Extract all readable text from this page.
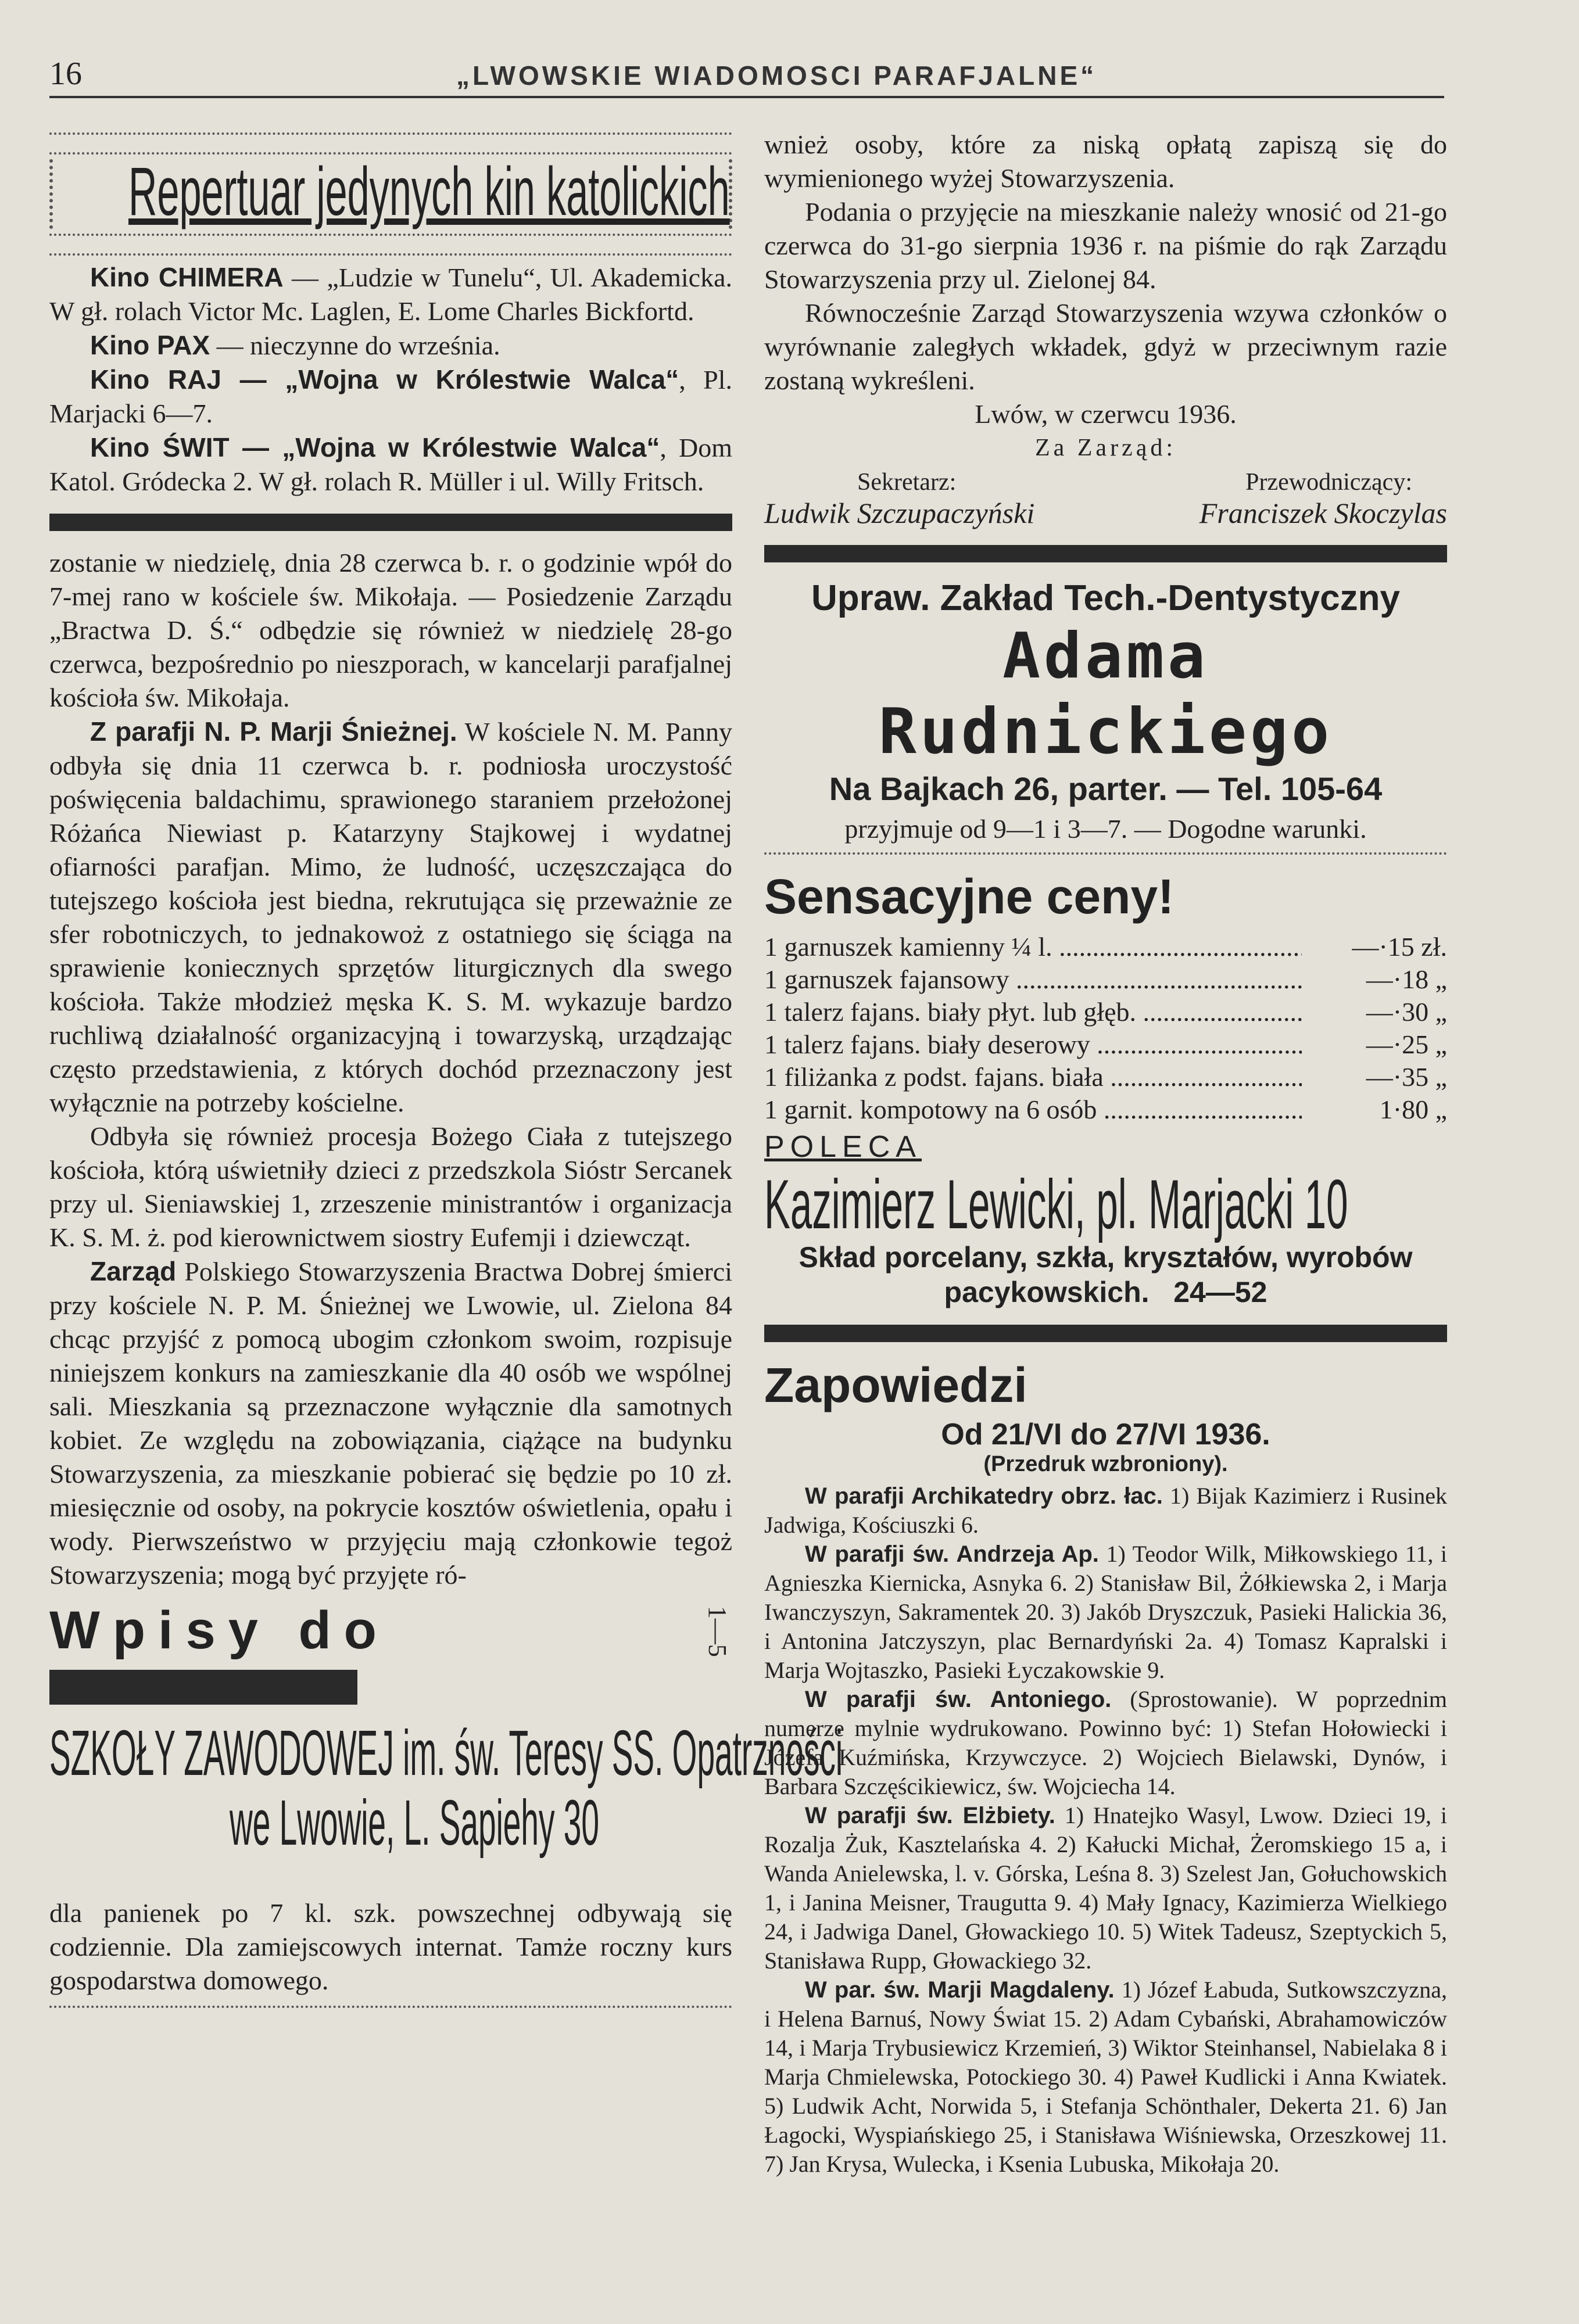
16	„LWOWSKIE WIADOMOSCI PARAFJALNE“
Repertuar jedynych kin katolickich

Kino CHIMERA — „Ludzie w Tunelu“, Ul. Akademicka. W gł. rolach Victor Mc. Laglen, E. Lome Charles Bickfortd.

Kino PAX — nieczynne do września.

Kino RAJ — „Wojna w Królestwie Walca“, Pl. Marjacki 6—7.

Kino ŚWIT — „Wojna w Królestwie Walca“, Dom Katol. Gródecka 2. W gł. rolach R. Müller i ul. Willy Fritsch.

zostanie w niedzielę, dnia 28 czerwca b. r. o godzinie wpół do 7-mej rano w kościele św. Mikołaja. — Posiedzenie Zarządu „Bractwa D. Ś.“ odbędzie się również w niedzielę 28-go czerwca, bezpośrednio po nieszporach, w kancelarji parafjalnej kościoła św. Mikołaja.

Z parafji N. P. Marji Śnieżnej. W kościele N. M. Panny odbyła się dnia 11 czerwca b. r. podniosła uroczystość poświęcenia baldachimu, sprawionego staraniem przełożonej Różańca Niewiast p. Katarzyny Stajkowej i wydatnej ofiarności parafjan. Mimo, że ludność, uczęszczająca do tutejszego kościoła jest biedna, rekrutująca się przeważnie ze sfer robotniczych, to jednakowoż z ostatniego się ściąga na sprawienie koniecznych sprzętów liturgicznych dla swego kościoła. Także młodzież męska K. S. M. wykazuje bardzo ruchliwą działalność organizacyjną i towarzyską, urządzając często przedstawienia, z których dochód przeznaczony jest wyłącznie na potrzeby kościelne.

Odbyła się również procesja Bożego Ciała z tutejszego kościoła, którą uświetniły dzieci z przedszkola Sióstr Sercanek przy ul. Sieniawskiej 1, zrzeszenie ministrantów i organizacja K. S. M. ż. pod kierownictwem siostry Eufemji i dziewcząt.

Zarząd Polskiego Stowarzyszenia Bractwa Dobrej śmierci przy kościele N. P. M. Śnieżnej we Lwowie, ul. Zielona 84 chcąc przyjść z pomocą ubogim członkom swoim, rozpisuje niniejszem konkurs na zamieszkanie dla 40 osób we wspólnej sali. Mieszkania są przeznaczone wyłącznie dla samotnych kobiet. Ze względu na zobowiązania, ciążące na budynku Stowarzyszenia, za mieszkanie pobierać się będzie po 10 zł. miesięcznie od osoby, na pokrycie kosztów oświetlenia, opału i wody. Pierwszeństwo w przyjęciu mają członkowie tegoż Stowarzyszenia; mogą być przyjęte ró-

Wpisy do	1—5
SZKOŁY ZAWODOWEJ im. św. Teresy SS. Opatrzności
we Lwowie, L. Sapiehy 30

dla panienek po 7 kl. szk. powszechnej odbywają się codziennie. Dla zamiejscowych internat. Tamże roczny kurs gospodarstwa domowego.

wnież osoby, które za niską opłatą zapiszą się do wymienionego wyżej Stowarzyszenia.

Podania o przyjęcie na mieszkanie należy wnosić od 21-go czerwca do 31-go sierpnia 1936 r. na piśmie do rąk Zarządu Stowarzyszenia przy ul. Zielonej 84.

Równocześnie Zarząd Stowarzyszenia wzywa członków o wyrównanie zaległych wkładek, gdyż w przeciwnym razie zostaną wykreśleni.

Lwów, w czerwcu 1936.

Za Zarząd:

Sekretarz:	Przewodniczący:
Ludwik Szczupaczyński	Franciszek Skoczylas
Upraw. Zakład Tech.-Dentystyczny
Adama Rudnickiego
Na Bajkach 26, parter. — Tel. 105-64
przyjmuje od 9—1 i 3—7. — Dogodne warunki.
Sensacyjne ceny!
1 garnuszek kamienny ¼ l. .....	—·15 zł.
1 garnuszek fajansowy .....	—·18 „
1 talerz fajans. biały płyt. lub głęb. .....	—·30 „
1 talerz fajans. biały deserowy .....	—·25 „
1 filiżanka z podst. fajans. biała .....	—·35 „
1 garnit. kompotowy na 6 osób .....	1·80 „
POLECA
Kazimierz Lewicki, pl. Marjacki 10
Skład porcelany, szkła, kryształów, wyrobów pacykowskich. 24—52
Zapowiedzi
Od 21/VI do 27/VI 1936.
(Przedruk wzbroniony).

W parafji Archikatedry obrz. łac. 1) Bijak Kazimierz i Rusinek Jadwiga, Kościuszki 6.

W parafji św. Andrzeja Ap. 1) Teodor Wilk, Miłkowskiego 11, i Agnieszka Kiernicka, Asnyka 6. 2) Stanisław Bil, Żółkiewska 2, i Marja Iwanczyszyn, Sakramentek 20. 3) Jakób Dryszczuk, Pasieki Halickia 36, i Antonina Jatczyszyn, plac Bernardyński 2a. 4) Tomasz Kapralski i Marja Wojtaszko, Pasieki Łyczakowskie 9.

W parafji św. Antoniego. (Sprostowanie). W poprzednim numerze mylnie wydrukowano. Powinno być: 1) Stefan Hołowiecki i Józefa Kuźmińska, Krzywczyce. 2) Wojciech Bielawski, Dynów, i Barbara Szczęścikiewicz, św. Wojciecha 14.

W parafji św. Elżbiety. 1) Hnatejko Wasyl, Lwow. Dzieci 19, i Rozalja Żuk, Kasztelańska 4. 2) Kałucki Michał, Żeromskiego 15 a, i Wanda Anielewska, l. v. Górska, Leśna 8. 3) Szelest Jan, Gołuchowskich 1, i Janina Meisner, Traugutta 9. 4) Mały Ignacy, Kazimierza Wielkiego 24, i Jadwiga Danel, Głowackiego 10. 5) Witek Tadeusz, Szeptyckich 5, Stanisława Rupp, Głowackiego 32.

W par. św. Marji Magdaleny. 1) Józef Łabuda, Sutkowszczyzna, i Helena Barnuś, Nowy Świat 15. 2) Adam Cybański, Abrahamowiczów 14, i Marja Trybusiewicz Krzemień, 3) Wiktor Steinhansel, Nabielaka 8 i Marja Chmielewska, Potockiego 30. 4) Paweł Kudlicki i Anna Kwiatek. 5) Ludwik Acht, Norwida 5, i Stefanja Schönthaler, Dekerta 21. 6) Jan Łagocki, Wyspiańskiego 25, i Stanisława Wiśniewska, Orzeszkowej 11. 7) Jan Krysa, Wulecka, i Ksenia Lubuska, Mikołaja 20.
